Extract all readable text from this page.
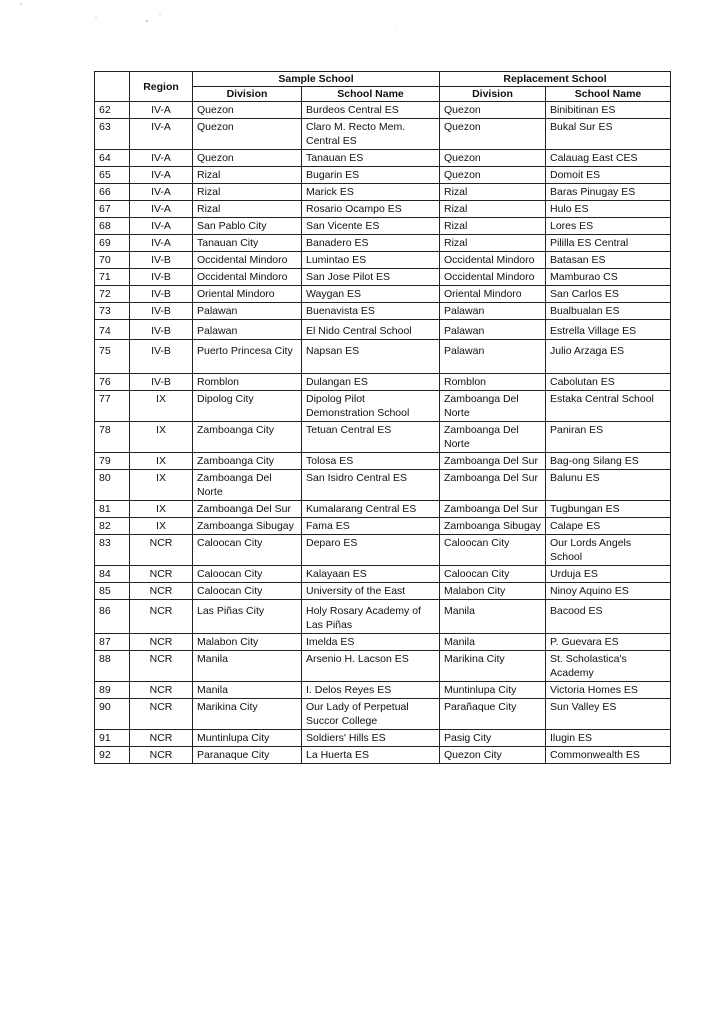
	Region	Sample School		Replacement School	
		Division	School Name	Division	School Name
62	IV-A	Quezon	Burdeos Central ES	Quezon	Binibitinan ES
63	IV-A	Quezon	Claro M. Recto Mem. Central ES	Quezon	Bukal Sur ES
64	IV-A	Quezon	Tanauan ES	Quezon	Calauag East CES
65	IV-A	Rizal	Bugarin ES	Quezon	Domoit ES
66	IV-A	Rizal	Marick ES	Rizal	Baras Pinugay ES
67	IV-A	Rizal	Rosario Ocampo ES	Rizal	Hulo ES
68	IV-A	San Pablo City	San Vicente ES	Rizal	Lores ES
69	IV-A	Tanauan City	Banadero ES	Rizal	Pililla ES Central
70	IV-B	Occidental Mindoro	Lumintao ES	Occidental Mindoro	Batasan ES
71	IV-B	Occidental Mindoro	San Jose Pilot ES	Occidental Mindoro	Mamburao CS
72	IV-B	Oriental Mindoro	Waygan ES	Oriental Mindoro	San Carlos ES
73	IV-B	Palawan	Buenavista ES	Palawan	Bualbualan ES
74	IV-B	Palawan	El Nido Central School	Palawan	Estrella Village ES
75	IV-B	Puerto Princesa City	Napsan ES	Palawan	Julio Arzaga ES
76	IV-B	Romblon	Dulangan ES	Romblon	Cabolutan ES
77	IX	Dipolog City	Dipolog Pilot Demonstration School	Zamboanga Del Norte	Estaka Central School
78	IX	Zamboanga City	Tetuan Central ES	Zamboanga Del Norte	Paniran ES
79	IX	Zamboanga City	Tolosa ES	Zamboanga Del Sur	Bag-ong Silang ES
80	IX	Zamboanga Del Norte	San Isidro Central ES	Zamboanga Del Sur	Balunu ES
81	IX	Zamboanga Del Sur	Kumalarang Central ES	Zamboanga Del Sur	Tugbungan ES
82	IX	Zamboanga Sibugay	Fama ES	Zamboanga Sibugay	Calape ES
83	NCR	Caloocan City	Deparo ES	Caloocan City	Our Lords Angels School
84	NCR	Caloocan City	Kalayaan ES	Caloocan City	Urduja ES
85	NCR	Caloocan City	University of the East	Malabon City	Ninoy Aquino ES
86	NCR	Las Piñas City	Holy Rosary Academy of Las Piñas	Manila	Bacood ES
87	NCR	Malabon City	Imelda ES	Manila	P. Guevara ES
88	NCR	Manila	Arsenio H. Lacson ES	Marikina City	St. Scholastica's Academy
89	NCR	Manila	I. Delos Reyes ES	Muntinlupa City	Victoria Homes ES
90	NCR	Marikina City	Our Lady of Perpetual Succor College	Parañaque City	Sun Valley ES
91	NCR	Muntinlupa City	Soldiers' Hills ES	Pasig City	Ilugin ES
92	NCR	Paranaque City	La Huerta ES	Quezon City	Commonwealth ES
